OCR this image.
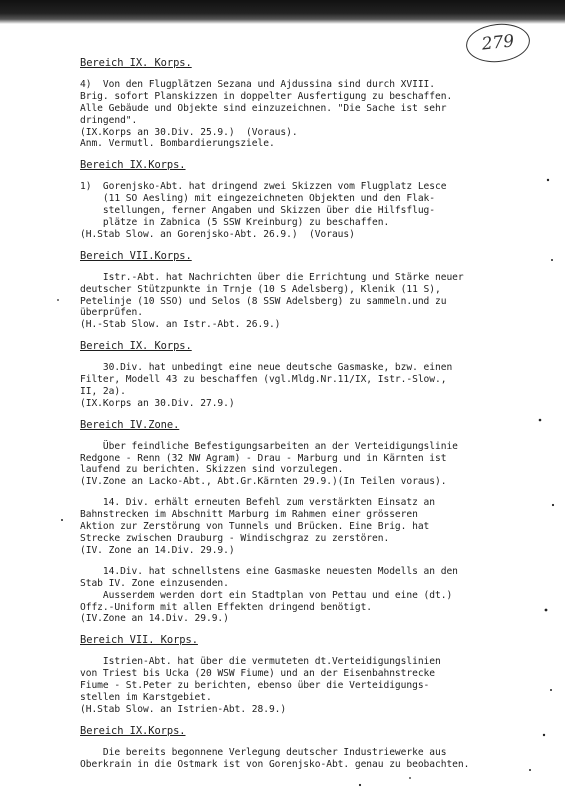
279
Bereich IX. Korps.
4)  Von den Flugplätzen Sezana und Ajdussina sind durch XVIII.
Brig. sofort Planskizzen in doppelter Ausfertigung zu beschaffen.
Alle Gebäude und Objekte sind einzuzeichnen. "Die Sache ist sehr
dringend".
(IX.Korps an 30.Div. 25.9.)  (Voraus).
Anm. Vermutl. Bombardierungsziele.
Bereich IX.Korps.
1)  Gorenjsko-Abt. hat dringend zwei Skizzen vom Flugplatz Lesce
(11 SO Aesling) mit eingezeichneten Objekten und den Flak-
stellungen, ferner Angaben und Skizzen über die Hilfsflug-
plätze in Zabnica (5 SSW Kreinburg) zu beschaffen.
(H.Stab Slow. an Gorenjsko-Abt. 26.9.)  (Voraus)
Bereich VII.Korps.
Istr.-Abt. hat Nachrichten über die Errichtung und Stärke neuer
deutscher Stützpunkte in Trnje (10 S Adelsberg), Klenik (11 S),
Petelinje (10 SSO) und Selos (8 SSW Adelsberg) zu sammeln.und zu
überprüfen.
(H.-Stab Slow. an Istr.-Abt. 26.9.)
Bereich IX. Korps.
30.Div. hat unbedingt eine neue deutsche Gasmaske, bzw. einen
Filter, Modell 43 zu beschaffen (vgl.Mldg.Nr.11/IX, Istr.-Slow.,
II, 2a).
(IX.Korps an 30.Div. 27.9.)
Bereich IV.Zone.
Über feindliche Befestigungsarbeiten an der Verteidigungslinie
Redgone - Renn (32 NW Agram) - Drau - Marburg und in Kärnten ist
laufend zu berichten. Skizzen sind vorzulegen.
(IV.Zone an Lacko-Abt., Abt.Gr.Kärnten 29.9.)(In Teilen voraus).
14. Div. erhält erneuten Befehl zum verstärkten Einsatz an
Bahnstrecken im Abschnitt Marburg im Rahmen einer grösseren
Aktion zur Zerstörung von Tunnels und Brücken. Eine Brig. hat
Strecke zwischen Drauburg - Windischgraz zu zerstören.
(IV. Zone an 14.Div. 29.9.)
14.Div. hat schnellstens eine Gasmaske neuesten Modells an den
Stab IV. Zone einzusenden.
Ausserdem werden dort ein Stadtplan von Pettau und eine (dt.)
Offz.-Uniform mit allen Effekten dringend benötigt.
(IV.Zone an 14.Div. 29.9.)
Bereich VII. Korps.
Istrien-Abt. hat über die vermuteten dt.Verteidigungslinien
von Triest bis Ucka (20 WSW Fiume) und an der Eisenbahnstrecke
Fiume - St.Peter zu berichten, ebenso über die Verteidigungs-
stellen im Karstgebiet.
(H.Stab Slow. an Istrien-Abt. 28.9.)
Bereich IX.Korps.
Die bereits begonnene Verlegung deutscher Industriewerke aus
Oberkrain in die Ostmark ist von Gorenjsko-Abt. genau zu beobachten.
